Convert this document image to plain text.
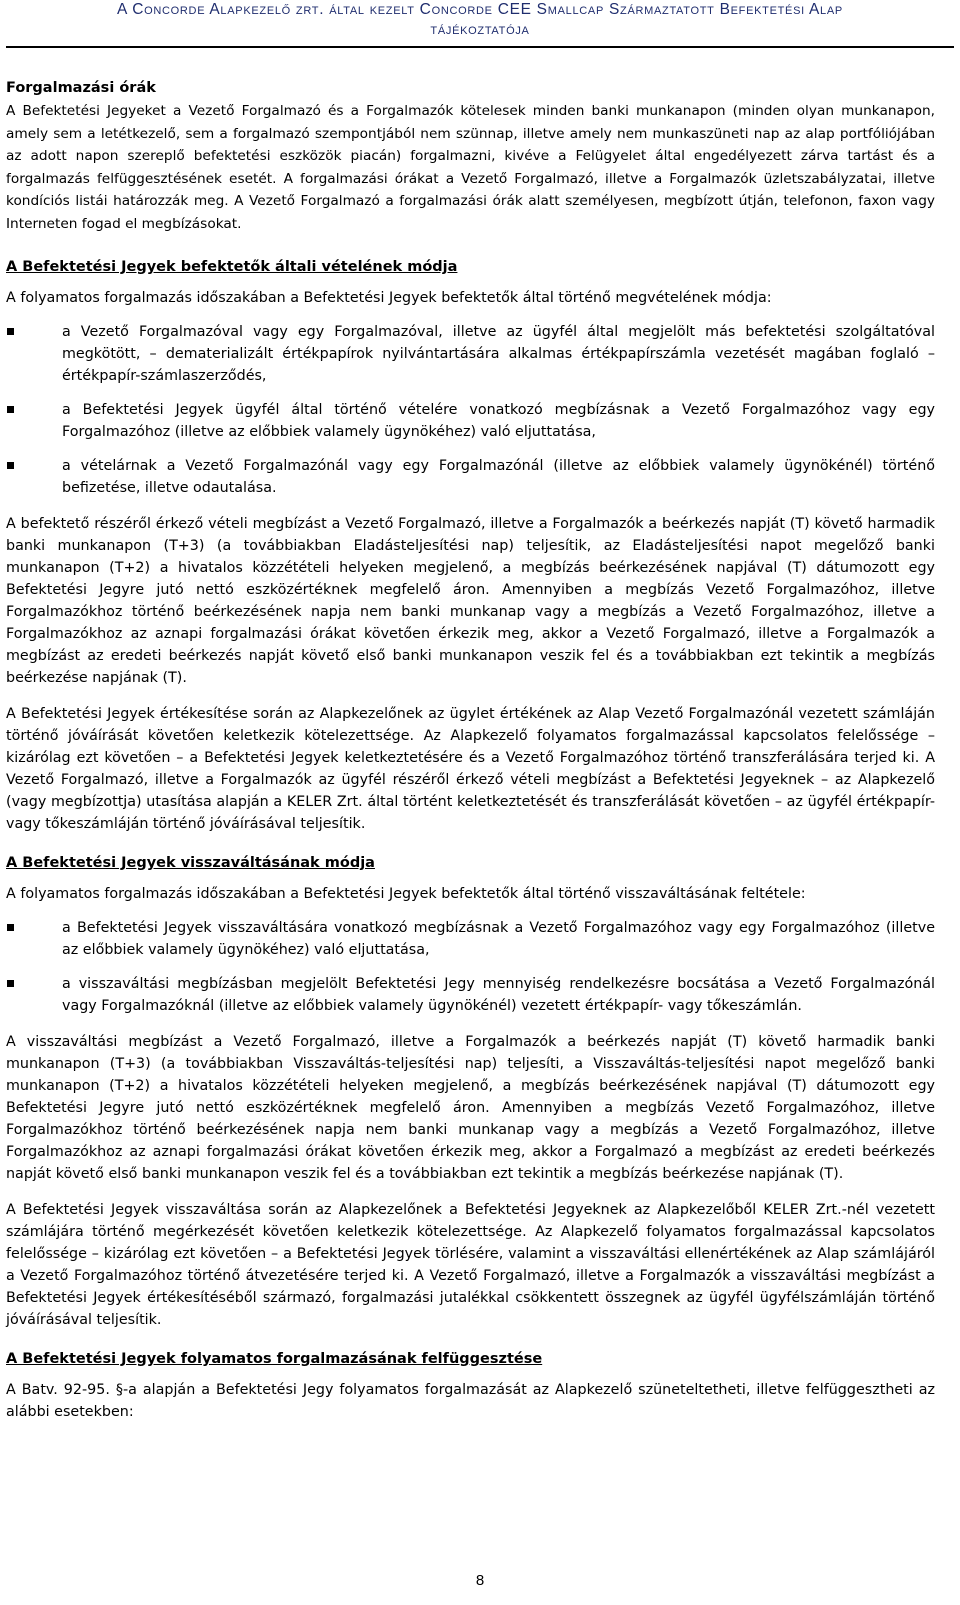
A Concorde Alapkezelő zrt. által kezelt Concorde CEE Smallcap Származtatott Befektetési Alap
tájékoztatója
Forgalmazási órák

A Befektetési Jegyeket a Vezető Forgalmazó és a Forgalmazók kötelesek minden banki munkanapon (minden olyan munkanapon, amely sem a letétkezelő, sem a forgalmazó szempontjából nem szünnap, illetve amely nem munkaszüneti nap az alap portfóliójában az adott napon szereplő befektetési eszközök piacán) forgalmazni, kivéve a Felügyelet által engedélyezett zárva tartást és a forgalmazás felfüggesztésének esetét. A forgalmazási órákat a Vezető Forgalmazó, illetve a Forgalmazók üzletszabályzatai, illetve kondíciós listái határozzák meg. A Vezető Forgalmazó a forgalmazási órák alatt személyesen, megbízott útján, telefonon, faxon vagy Interneten fogad el megbízásokat.

A Befektetési Jegyek befektetők általi vételének módja

A folyamatos forgalmazás időszakában a Befektetési Jegyek befektetők által történő megvételének módja:

a Vezető Forgalmazóval vagy egy Forgalmazóval, illetve az ügyfél által megjelölt más befektetési szolgáltatóval megkötött, – dematerializált értékpapírok nyilvántartására alkalmas értékpapírszámla vezetését magában foglaló – értékpapír-számlaszerződés,
a Befektetési Jegyek ügyfél által történő vételére vonatkozó megbízásnak a Vezető Forgalmazóhoz vagy egy Forgalmazóhoz (illetve az előbbiek valamely ügynökéhez) való eljuttatása,
a vételárnak a Vezető Forgalmazónál vagy egy Forgalmazónál (illetve az előbbiek valamely ügynökénél) történő befizetése, illetve odautalása.

A befektető részéről érkező vételi megbízást a Vezető Forgalmazó, illetve a Forgalmazók a beérkezés napját (T) követő harmadik banki munkanapon (T+3) (a továbbiakban Eladásteljesítési nap) teljesítik, az Eladásteljesítési napot megelőző banki munkanapon (T+2) a hivatalos közzétételi helyeken megjelenő, a megbízás beérkezésének napjával (T) dátumozott egy Befektetési Jegyre jutó nettó eszközértéknek megfelelő áron. Amennyiben a megbízás Vezető Forgalmazóhoz, illetve Forgalmazókhoz történő beérkezésének napja nem banki munkanap vagy a megbízás a Vezető Forgalmazóhoz, illetve a Forgalmazókhoz az aznapi forgalmazási órákat követően érkezik meg, akkor a Vezető Forgalmazó, illetve a Forgalmazók a megbízást az eredeti beérkezés napját követő első banki munkanapon veszik fel és a továbbiakban ezt tekintik a megbízás beérkezése napjának (T).

A Befektetési Jegyek értékesítése során az Alapkezelőnek az ügylet értékének az Alap Vezető Forgalmazónál vezetett számláján történő jóváírását követően keletkezik kötelezettsége. Az Alapkezelő folyamatos forgalmazással kapcsolatos felelőssége – kizárólag ezt követően – a Befektetési Jegyek keletkeztetésére és a Vezető Forgalmazóhoz történő transzferálására terjed ki. A Vezető Forgalmazó, illetve a Forgalmazók az ügyfél részéről érkező vételi megbízást a Befektetési Jegyeknek – az Alapkezelő (vagy megbízottja) utasítása alapján a KELER Zrt. által történt keletkeztetését és transzferálását követően – az ügyfél értékpapír- vagy tőkeszámláján történő jóváírásával teljesítik.

A Befektetési Jegyek visszaváltásának módja

A folyamatos forgalmazás időszakában a Befektetési Jegyek befektetők által történő visszaváltásának feltétele:

a Befektetési Jegyek visszaváltására vonatkozó megbízásnak a Vezető Forgalmazóhoz vagy egy Forgalmazóhoz (illetve az előbbiek valamely ügynökéhez) való eljuttatása,
a visszaváltási megbízásban megjelölt Befektetési Jegy mennyiség rendelkezésre bocsátása a Vezető Forgalmazónál vagy Forgalmazóknál (illetve az előbbiek valamely ügynökénél) vezetett értékpapír- vagy tőkeszámlán.

A visszaváltási megbízást a Vezető Forgalmazó, illetve a Forgalmazók a beérkezés napját (T) követő harmadik banki munkanapon (T+3) (a továbbiakban Visszaváltás-teljesítési nap) teljesíti, a Visszaváltás-teljesítési napot megelőző banki munkanapon (T+2) a hivatalos közzétételi helyeken megjelenő, a megbízás beérkezésének napjával (T) dátumozott egy Befektetési Jegyre jutó nettó eszközértéknek megfelelő áron. Amennyiben a megbízás Vezető Forgalmazóhoz, illetve Forgalmazókhoz történő beérkezésének napja nem banki munkanap vagy a megbízás a Vezető Forgalmazóhoz, illetve Forgalmazókhoz az aznapi forgalmazási órákat követően érkezik meg, akkor a Forgalmazó a megbízást az eredeti beérkezés napját követő első banki munkanapon veszik fel és a továbbiakban ezt tekintik a megbízás beérkezése napjának (T).

A Befektetési Jegyek visszaváltása során az Alapkezelőnek a Befektetési Jegyeknek az Alapkezelőből KELER Zrt.-nél vezetett számlájára történő megérkezését követően keletkezik kötelezettsége. Az Alapkezelő folyamatos forgalmazással kapcsolatos felelőssége – kizárólag ezt követően – a Befektetési Jegyek törlésére, valamint a visszaváltási ellenértékének az Alap számlájáról a Vezető Forgalmazóhoz történő átvezetésére terjed ki. A Vezető Forgalmazó, illetve a Forgalmazók a visszaváltási megbízást a Befektetési Jegyek értékesítéséből származó, forgalmazási jutalékkal csökkentett összegnek az ügyfél ügyfélszámláján történő jóváírásával teljesítik.

A Befektetési Jegyek folyamatos forgalmazásának felfüggesztése

A Batv. 92-95. §-a alapján a Befektetési Jegy folyamatos forgalmazását az Alapkezelő szüneteltetheti, illetve felfüggesztheti az alábbi esetekben:

8
